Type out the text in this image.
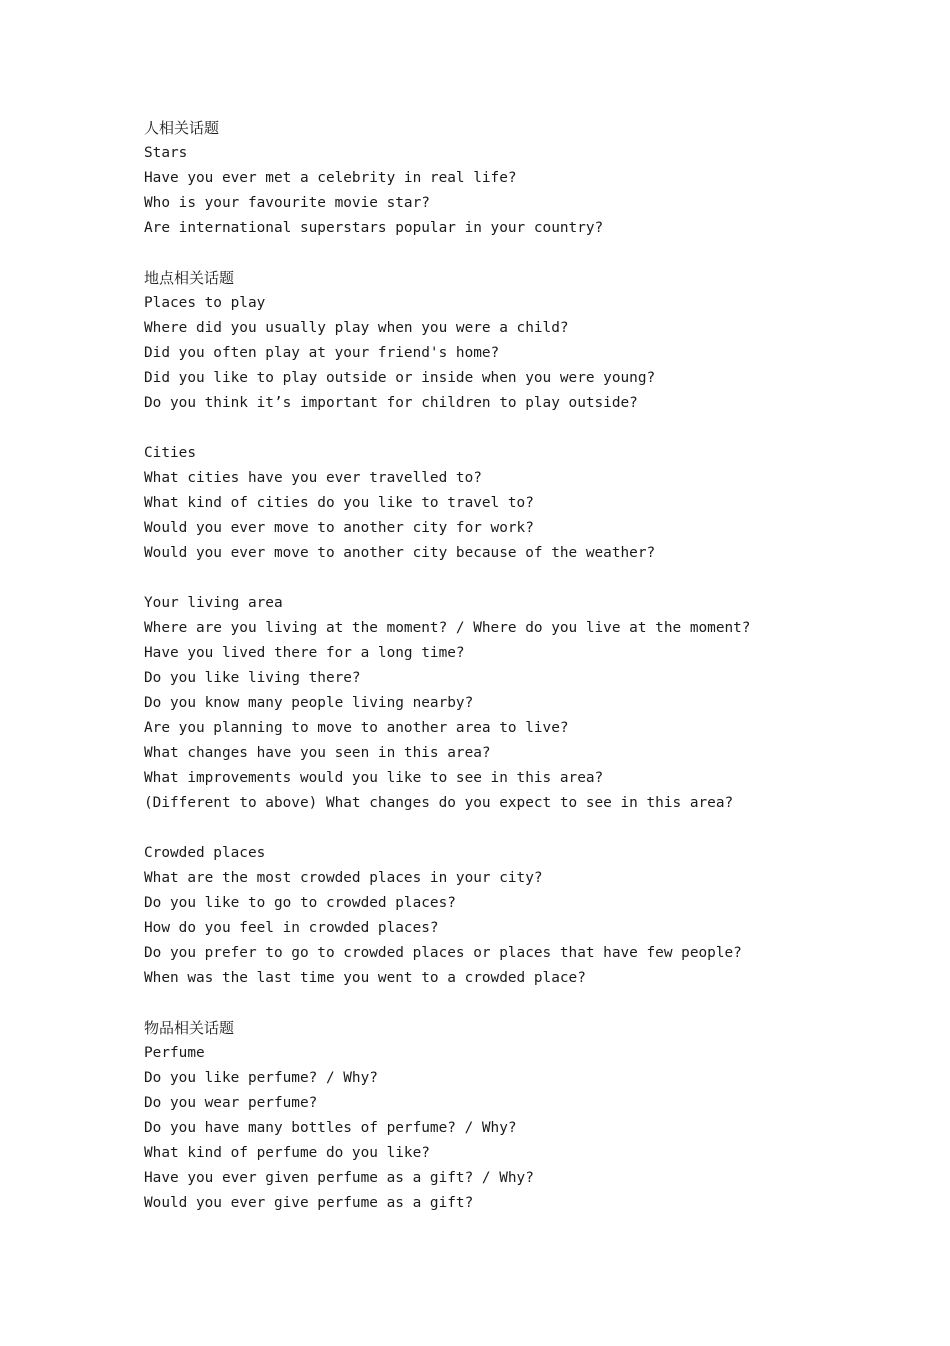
人相关话题
Stars
Have you ever met a celebrity in real life?
Who is your favourite movie star?
Are international superstars popular in your country?
地点相关话题
Places to play
Where did you usually play when you were a child?
Did you often play at your friend's home?
Did you like to play outside or inside when you were young?
Do you think it’s important for children to play outside?
Cities
What cities have you ever travelled to?
What kind of cities do you like to travel to?
Would you ever move to another city for work?
Would you ever move to another city because of the weather?
Your living area
Where are you living at the moment? / Where do you live at the moment?
Have you lived there for a long time?
Do you like living there?
Do you know many people living nearby?
Are you planning to move to another area to live?
What changes have you seen in this area?
What improvements would you like to see in this area?
(Different to above) What changes do you expect to see in this area?
Crowded places
What are the most crowded places in your city?
Do you like to go to crowded places?
How do you feel in crowded places?
Do you prefer to go to crowded places or places that have few people?
When was the last time you went to a crowded place?
物品相关话题
Perfume
Do you like perfume? / Why?
Do you wear perfume?
Do you have many bottles of perfume? / Why?
What kind of perfume do you like?
Have you ever given perfume as a gift? / Why?
Would you ever give perfume as a gift?
